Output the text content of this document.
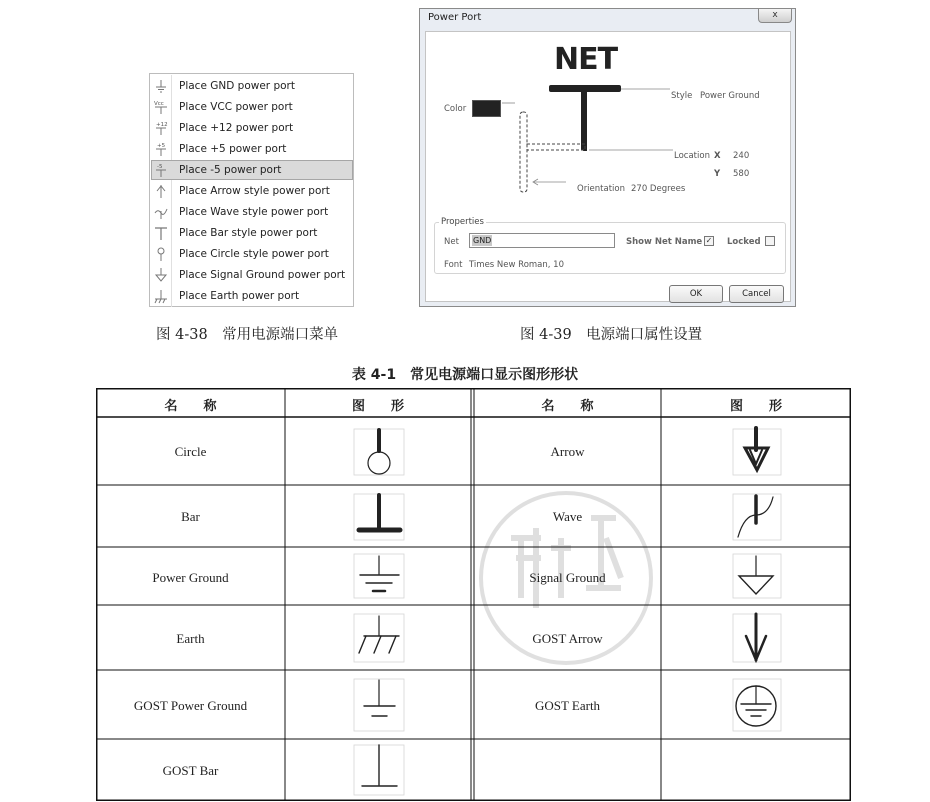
Place GND power port
Vcc Place VCC power port
+12 Place +12 power port
+5 Place +5 power port
-5 Place -5 power port
Place Arrow style power port
Place Wave style power port
Place Bar style power port
Place Circle style power port
Place Signal Ground power port
Place Earth power port
图 4-38　常用电源端口菜单
Power Port	x
NET
Color
Style Power Ground
Location X 240
Y 580
Orientation 270 Degrees
Properties
Net GND	Show Net Name ✓ Locked
Font Times New Roman, 10
OK	Cancel
图 4-39　电源端口属性设置
表 4-1　常见电源端口显示图形形状
名　　称	图　　形	名　　称	图　　形
Circle	Arrow
Bar	Wave
Power Ground	Signal Ground
Earth	GOST Arrow
GOST Power Ground	GOST Earth
GOST Bar
